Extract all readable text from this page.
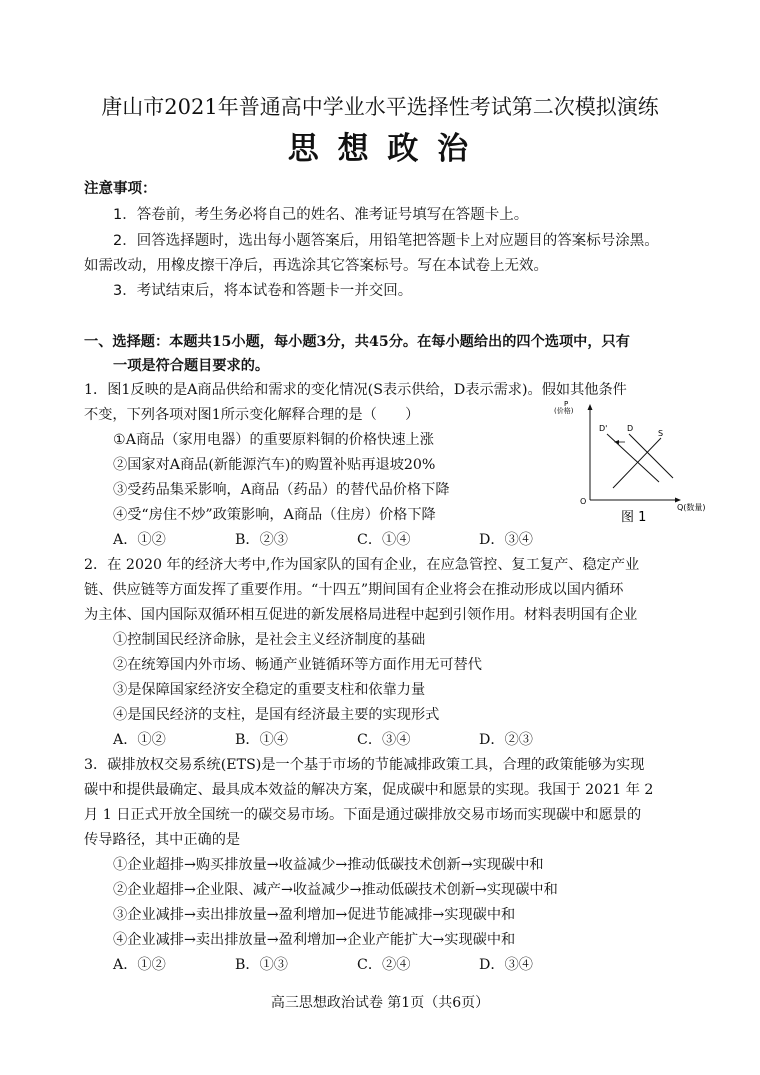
唐山市2021年普通高中学业水平选择性考试第二次模拟演练
思 想 政 治
注意事项：
1．答卷前，考生务必将自己的姓名、准考证号填写在答题卡上。
2．回答选择题时，选出每小题答案后，用铅笔把答题卡上对应题目的答案标号涂黑。
如需改动，用橡皮擦干净后，再选涂其它答案标号。写在本试卷上无效。
3．考试结束后，将本试卷和答题卡一并交回。
一、选择题：本题共15小题，每小题3分，共45分。在每小题给出的四个选项中，只有
一项是符合题目要求的。
1．图1反映的是A商品供给和需求的变化情况(S表示供给，D表示需求)。假如其他条件
不变，下列各项对图1所示变化解释合理的是（　　）
①A商品（家用电器）的重要原料铜的价格快速上涨
②国家对A商品(新能源汽车)的购置补贴再退坡20%
③受药品集采影响，A商品（药品）的替代品价格下降
④受“房住不炒”政策影响，A商品（住房）价格下降
A．①②	B．②③	C．①④	D．③④
P
(价格)
O
Q(数量)
D' D
S
图 1
2．在 2020 年的经济大考中,作为国家队的国有企业，在应急管控、复工复产、稳定产业
链、供应链等方面发挥了重要作用。“十四五”期间国有企业将会在推动形成以国内循环
为主体、国内国际双循环相互促进的新发展格局进程中起到引领作用。材料表明国有企业
①控制国民经济命脉，是社会主义经济制度的基础
②在统筹国内外市场、畅通产业链循环等方面作用无可替代
③是保障国家经济安全稳定的重要支柱和依靠力量
④是国民经济的支柱，是国有经济最主要的实现形式
A．①②	B．①④	C．③④	D．②③
3．碳排放权交易系统(ETS)是一个基于市场的节能减排政策工具，合理的政策能够为实现
碳中和提供最确定、最具成本效益的解决方案，促成碳中和愿景的实现。我国于 2021 年 2
月 1 日正式开放全国统一的碳交易市场。下面是通过碳排放交易市场而实现碳中和愿景的
传导路径，其中正确的是
①企业超排→购买排放量→收益减少→推动低碳技术创新→实现碳中和
②企业超排→企业限、减产→收益减少→推动低碳技术创新→实现碳中和
③企业减排→卖出排放量→盈利增加→促进节能减排→实现碳中和
④企业减排→卖出排放量→盈利增加→企业产能扩大→实现碳中和
A．①②	B．①③	C．②④	D．③④
高三思想政治试卷 第1页（共6页）
